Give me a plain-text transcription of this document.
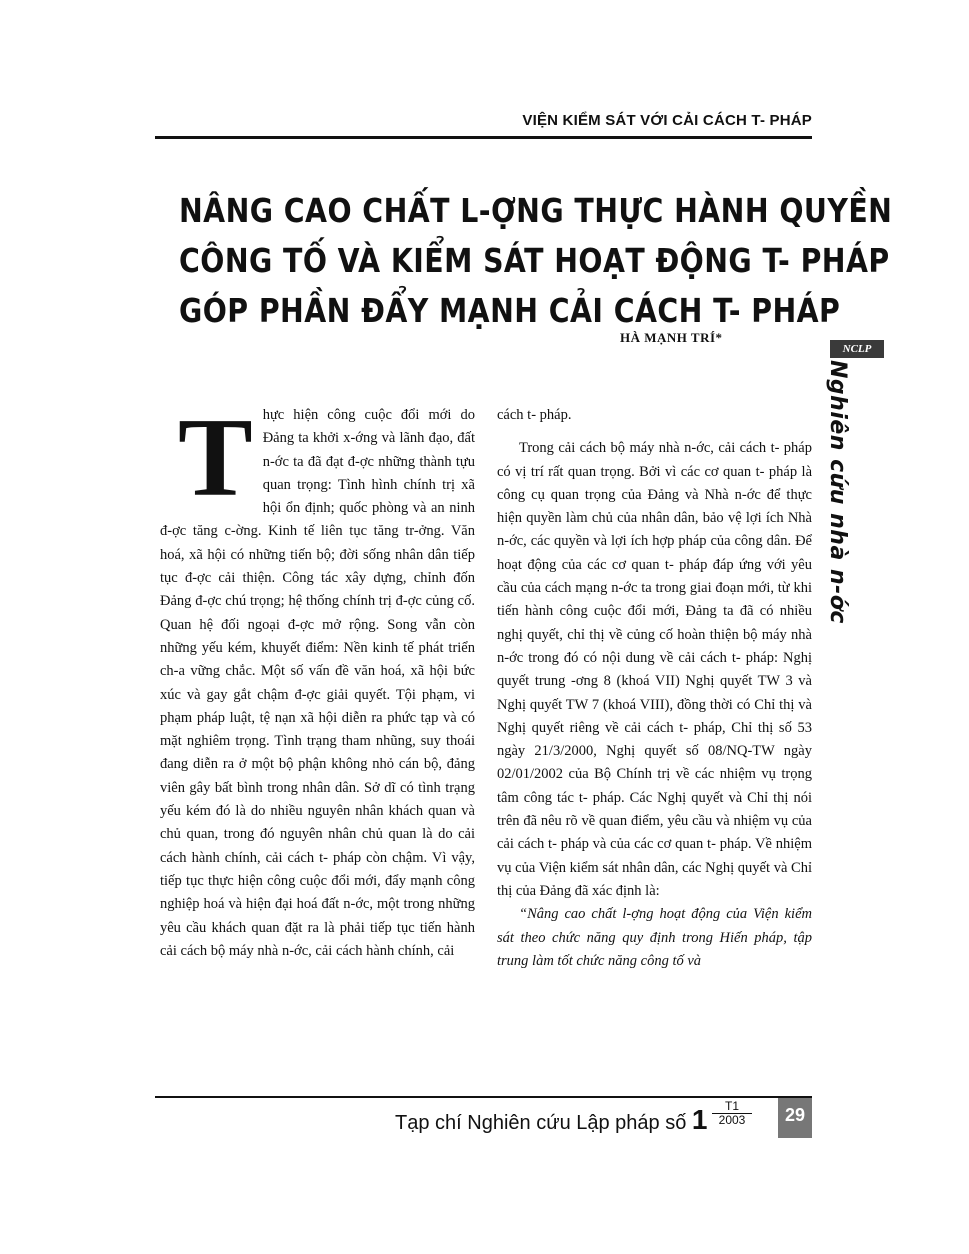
VIỆN KIỂM SÁT VỚI CẢI CÁCH T- PHÁP
NÂNG CAO CHẤT L-ỢNG THỰC HÀNH QUYỀN
CÔNG TỐ VÀ KIỂM SÁT HOẠT ĐỘNG T- PHÁP
GÓP PHẦN ĐẨY MẠNH CẢI CÁCH T- PHÁP
HÀ MẠNH TRÍ*
NCLP
Nghiên cứu nhà n-ớc
T hực hiện công cuộc đổi mới do Đảng ta khởi x-ớng và lãnh đạo, đất n-ớc ta đã đạt đ-ợc những thành tựu quan trọng: Tình hình chính trị xã hội ổn định; quốc phòng và an ninh đ-ợc tăng c-ờng. Kinh tế liên tục tăng tr-ởng. Văn hoá, xã hội có những tiến bộ; đời sống nhân dân tiếp tục đ-ợc cải thiện. Công tác xây dựng, chỉnh đốn Đảng đ-ợc chú trọng; hệ thống chính trị đ-ợc củng cố. Quan hệ đối ngoại đ-ợc mở rộng. Song vẫn còn những yếu kém, khuyết điểm: Nền kinh tế phát triển ch-a vững chắc. Một số vấn đề văn hoá, xã hội bức xúc và gay gắt chậm đ-ợc giải quyết. Tội phạm, vi phạm pháp luật, tệ nạn xã hội diễn ra phức tạp và có mặt nghiêm trọng. Tình trạng tham nhũng, suy thoái đang diễn ra ở một bộ phận không nhỏ cán bộ, đảng viên gây bất bình trong nhân dân. Sở dĩ có tình trạng yếu kém đó là do nhiều nguyên nhân khách quan và chủ quan, trong đó nguyên nhân chủ quan là do cải cách hành chính, cải cách t- pháp còn chậm. Vì vậy, tiếp tục thực hiện công cuộc đổi mới, đẩy mạnh công nghiệp hoá và hiện đại hoá đất n-ớc, một trong những yêu cầu khách quan đặt ra là phải tiếp tục tiến hành cải cách bộ máy nhà n-ớc, cải cách hành chính, cải

cách t- pháp.

Trong cải cách bộ máy nhà n-ớc, cải cách t- pháp có vị trí rất quan trọng. Bởi vì các cơ quan t- pháp là công cụ quan trọng của Đảng và Nhà n-ớc để thực hiện quyền làm chủ của nhân dân, bảo vệ lợi ích Nhà n-ớc, các quyền và lợi ích hợp pháp của công dân. Để hoạt động của các cơ quan t- pháp đáp ứng với yêu cầu của cách mạng n-ớc ta trong giai đoạn mới, từ khi tiến hành công cuộc đổi mới, Đảng ta đã có nhiều nghị quyết, chỉ thị về củng cố hoàn thiện bộ máy nhà n-ớc trong đó có nội dung về cải cách t- pháp: Nghị quyết trung -ơng 8 (khoá VII) Nghị quyết TW 3 và Nghị quyết TW 7 (khoá VIII), đồng thời có Chỉ thị và Nghị quyết riêng về cải cách t- pháp, Chỉ thị số 53 ngày 21/3/2000, Nghị quyết số 08/NQ-TW ngày 02/01/2002 của Bộ Chính trị về các nhiệm vụ trọng tâm công tác t- pháp. Các Nghị quyết và Chỉ thị nói trên đã nêu rõ về quan điểm, yêu cầu và nhiệm vụ của cải cách t- pháp và của các cơ quan t- pháp. Về nhiệm vụ của Viện kiểm sát nhân dân, các Nghị quyết và Chỉ thị của Đảng đã xác định là:

“Nâng cao chất l-ợng hoạt động của Viện kiểm sát theo chức năng quy định trong Hiến pháp, tập trung làm tốt chức năng công tố và

Tạp chí Nghiên cứu Lập pháp số 1	T1
2003	29
